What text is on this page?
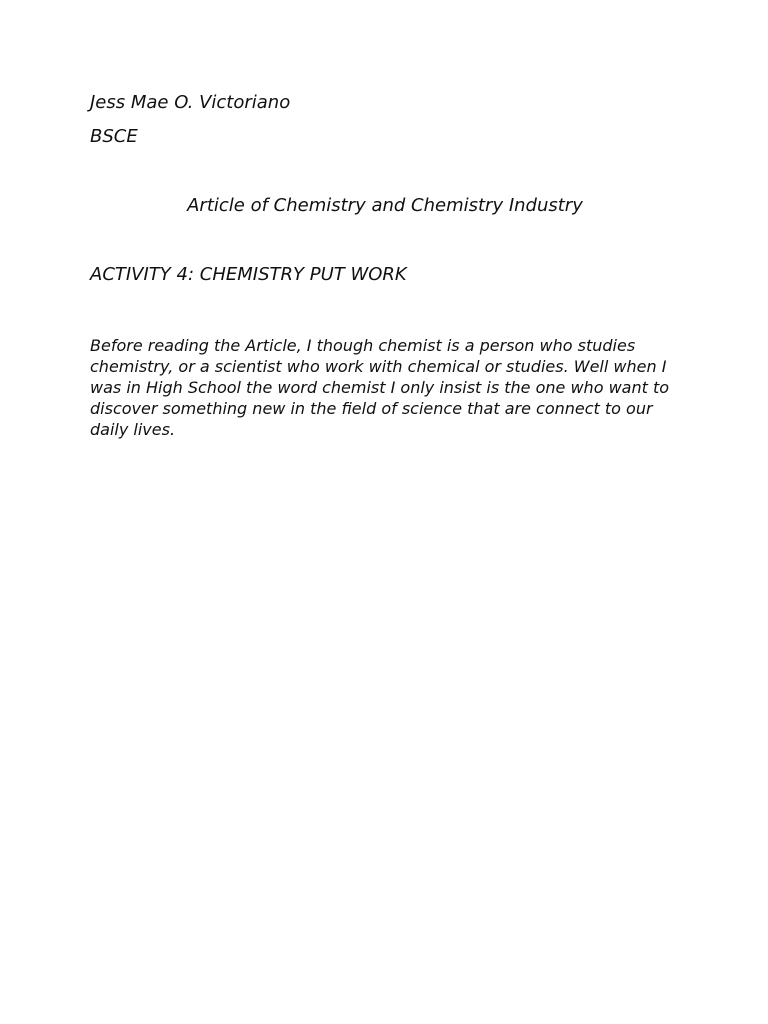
Jess Mae O. Victoriano
BSCE
Article of Chemistry and Chemistry Industry
ACTIVITY 4: CHEMISTRY PUT WORK

Before reading the Article, I though chemist is a person who studies chemistry, or a scientist who work with chemical or studies. Well when I was in High School the word chemist I only insist is the one who want to discover something new in the field of science that are connect to our daily lives.
